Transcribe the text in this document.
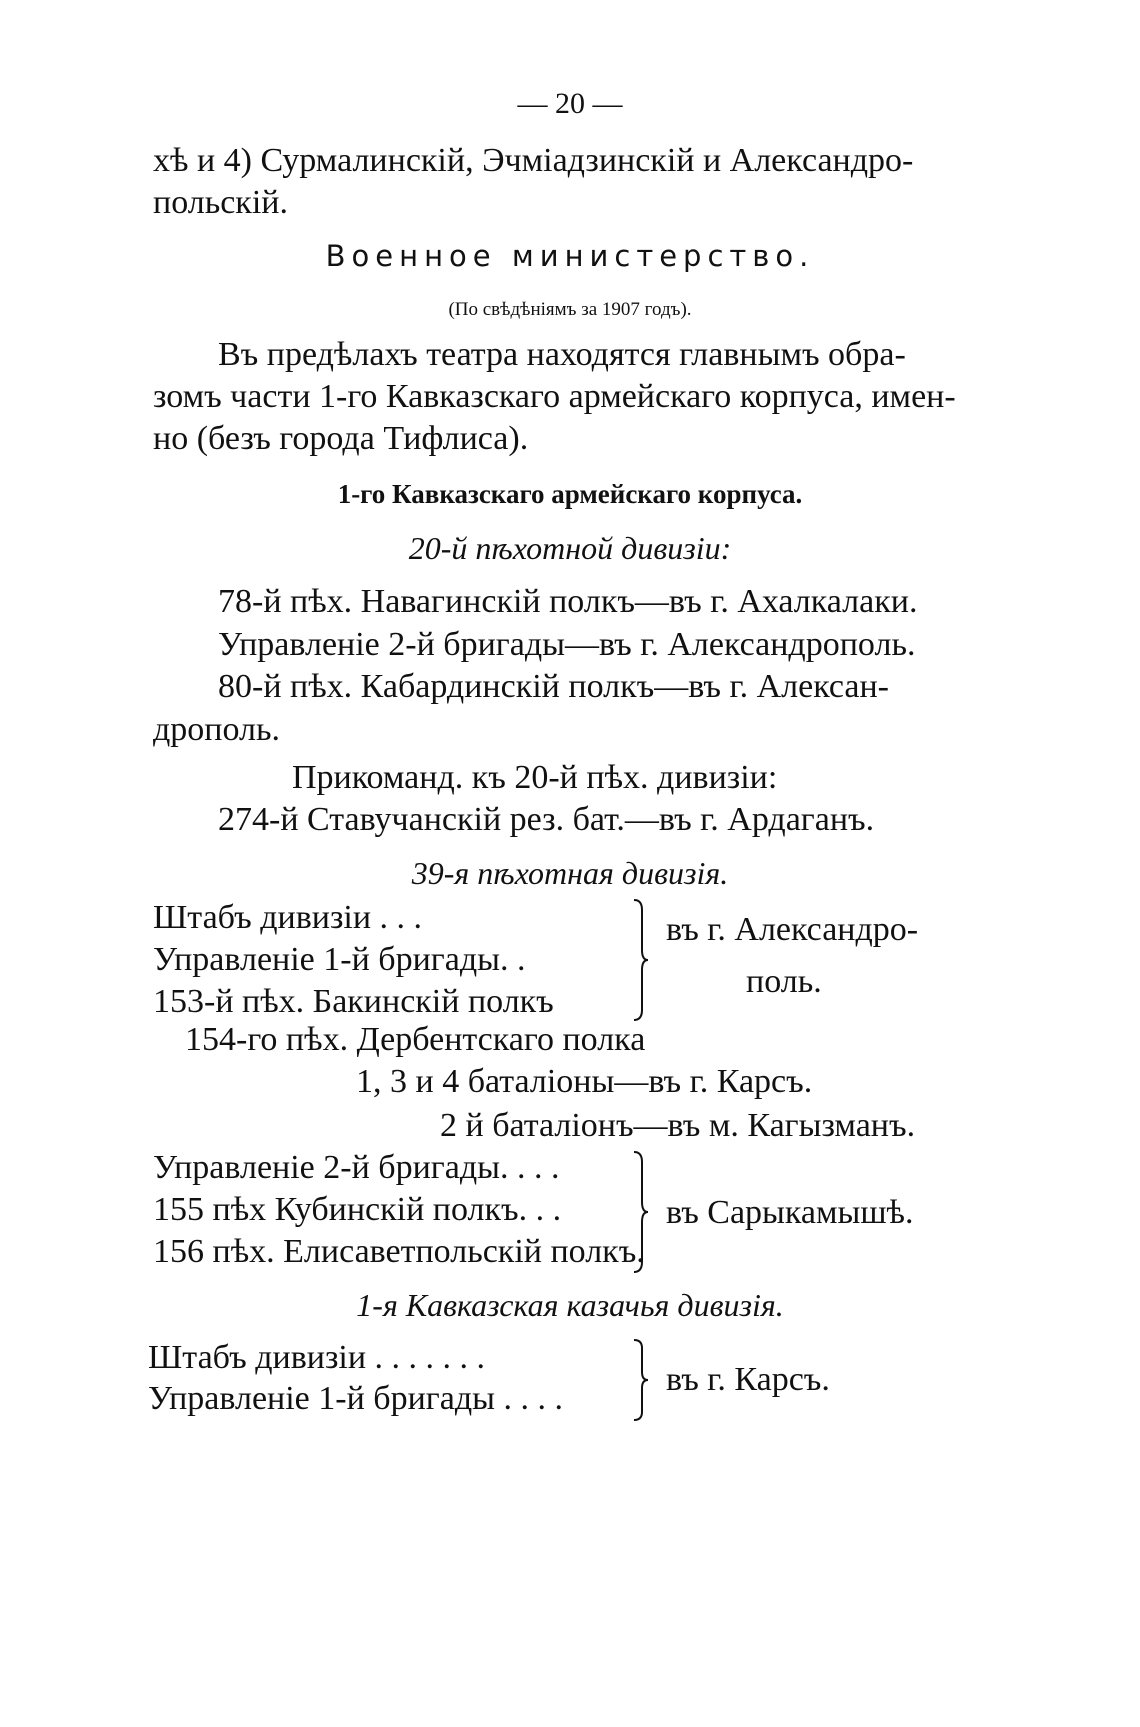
— 20 —
хѣ и 4) Сурмалинскій, Эчміадзинскій и Александро-
польскій.
Военное министерство.
(По свѣдѣніямъ за 1907 годъ).
Въ предѣлахъ театра находятся главнымъ обра-
зомъ части 1-го Кавказскаго армейскаго корпуса, имен-
но (безъ города Тифлиса).
1-го Кавказскаго армейскаго корпуса.
20-й пѣхотной дивизіи:
78-й пѣх. Навагинскій полкъ—въ г. Ахалкалаки.
Управленіе 2-й бригады—въ г. Александрополь.
80-й пѣх. Кабардинскій полкъ—въ г. Алексан-
дрополь.
Прикоманд. къ 20-й пѣх. дивизіи:
274-й Ставучанскій рез. бат.—въ г. Ардаганъ.
39-я пѣхотная дивизія.
Штабъ дивизіи . . .
Управленіе 1-й бригады. .
153-й пѣх. Бакинскій полкъ
въ г. Александро-
поль.
154-го пѣх. Дербентскаго полка
1, 3 и 4 баталіоны—въ г. Карсъ.
2 й баталіонъ—въ м. Кагызманъ.
Управленіе 2-й бригады. . . .
155 пѣх Кубинскій полкъ. . .
156 пѣх. Елисаветпольскій полкъ.
въ Сарыкамышѣ.
1-я Кавказская казачья дивизія.
Штабъ дивизіи . . . . . . .
Управленіе 1-й бригады . . . .
въ г. Карсъ.
